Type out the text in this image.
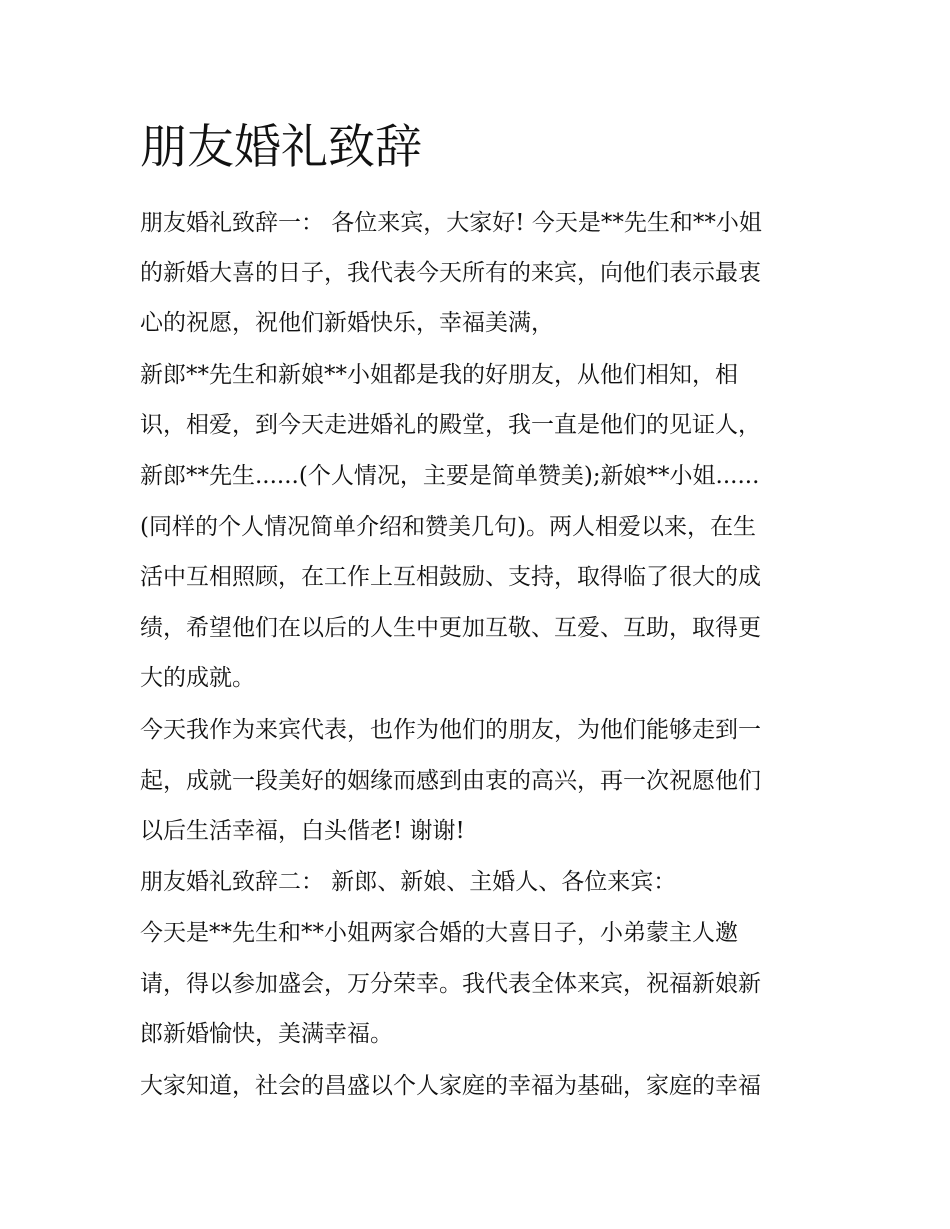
朋友婚礼致辞

朋友婚礼致辞一： 各位来宾，大家好! 今天是**先生和**小姐

的新婚大喜的日子，我代表今天所有的来宾，向他们表示最衷

心的祝愿，祝他们新婚快乐，幸福美满，

新郎**先生和新娘**小姐都是我的好朋友，从他们相知，相

识，相爱，到今天走进婚礼的殿堂，我一直是他们的见证人，

新郎**先生......(个人情况，主要是简单赞美);新娘**小姐......

(同样的个人情况简单介绍和赞美几句)。两人相爱以来，在生

活中互相照顾，在工作上互相鼓励、支持，取得临了很大的成

绩，希望他们在以后的人生中更加互敬、互爱、互助，取得更

大的成就。

今天我作为来宾代表，也作为他们的朋友，为他们能够走到一

起，成就一段美好的姻缘而感到由衷的高兴，再一次祝愿他们

以后生活幸福，白头偕老! 谢谢!

朋友婚礼致辞二： 新郎、新娘、主婚人、各位来宾：

今天是**先生和**小姐两家合婚的大喜日子，小弟蒙主人邀

请，得以参加盛会，万分荣幸。我代表全体来宾，祝福新娘新

郎新婚愉快，美满幸福。

大家知道，社会的昌盛以个人家庭的幸福为基础，家庭的幸福
